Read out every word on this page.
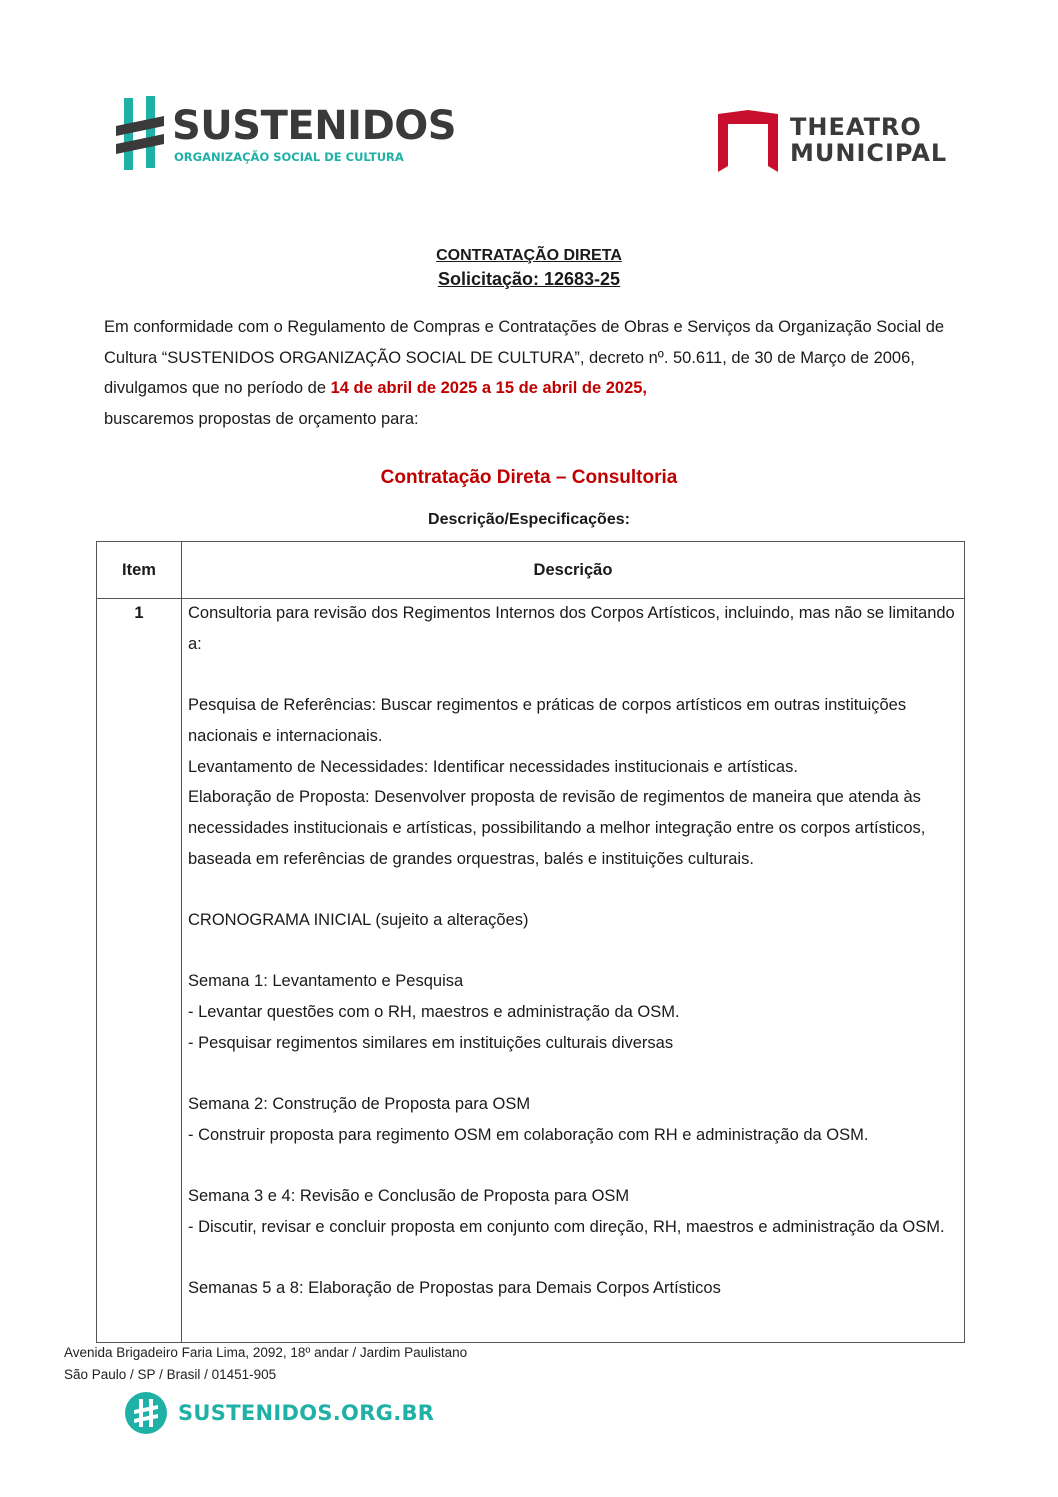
SUSTENIDOS
ORGANIZAÇÃO SOCIAL DE CULTURA
THEATRO
MUNICIPAL
CONTRATAÇÃO DIRETA
Solicitação: 12683-25
Em conformidade com o Regulamento de Compras e Contratações de Obras e Serviços da Organização Social de Cultura “SUSTENIDOS ORGANIZAÇÃO SOCIAL DE CULTURA”, decreto nº. 50.611, de 30 de Março de 2006, divulgamos que no período de 14 de abril de 2025 a 15 de abril de 2025,
buscaremos propostas de orçamento para:
Contratação Direta – Consultoria
Descrição/Especificações:
Item	Descrição
1	Consultoria para revisão dos Regimentos Internos dos Corpos Artísticos, incluindo, mas não se limitando a:

Pesquisa de Referências: Buscar regimentos e práticas de corpos artísticos em outras instituições nacionais e internacionais.

Levantamento de Necessidades: Identificar necessidades institucionais e artísticas.

Elaboração de Proposta: Desenvolver proposta de revisão de regimentos de maneira que atenda às necessidades institucionais e artísticas, possibilitando a melhor integração entre os corpos artísticos, baseada em referências de grandes orquestras, balés e instituições culturais.

CRONOGRAMA INICIAL (sujeito a alterações)

Semana 1: Levantamento e Pesquisa

- Levantar questões com o RH, maestros e administração da OSM.

- Pesquisar regimentos similares em instituições culturais diversas

Semana 2: Construção de Proposta para OSM

- Construir proposta para regimento OSM em colaboração com RH e administração da OSM.

Semana 3 e 4: Revisão e Conclusão de Proposta para OSM

- Discutir, revisar e concluir proposta em conjunto com direção, RH, maestros e administração da OSM.

Semanas 5 a 8: Elaboração de Propostas para Demais Corpos Artísticos

Avenida Brigadeiro Faria Lima, 2092, 18º andar / Jardim Paulistano
São Paulo / SP / Brasil / 01451-905
SUSTENIDOS.ORG.BR
